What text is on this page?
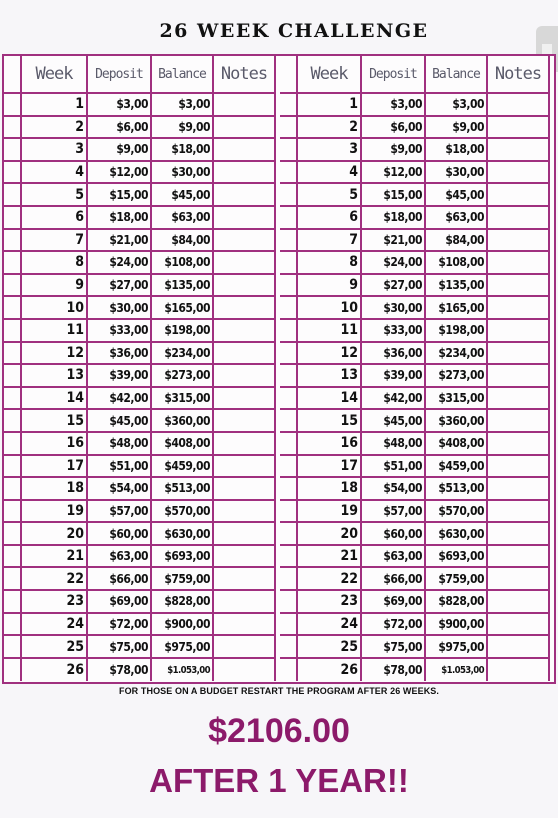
26 WEEK CHALLENGE
Week	Deposit	Balance Notes
1	$3,00	$3,00
2	$6,00	$9,00
3	$9,00	$18,00
4	$12,00	$30,00
5	$15,00	$45,00
6	$18,00	$63,00
7	$21,00	$84,00
8	$24,00	$108,00
9	$27,00	$135,00
10	$30,00	$165,00
11	$33,00	$198,00
12	$36,00	$234,00
13	$39,00	$273,00
14	$42,00	$315,00
15	$45,00	$360,00
16	$48,00	$408,00
17	$51,00	$459,00
18	$54,00	$513,00
19	$57,00	$570,00
20	$60,00	$630,00
21	$63,00	$693,00
22	$66,00	$759,00
23	$69,00	$828,00
24	$72,00	$900,00
25	$75,00	$975,00
26	$78,00	$1.053,00
Week	Deposit	Balance Notes
1	$3,00	$3,00
2	$6,00	$9,00
3	$9,00	$18,00
4	$12,00	$30,00
5	$15,00	$45,00
6	$18,00	$63,00
7	$21,00	$84,00
8	$24,00	$108,00
9	$27,00	$135,00
10	$30,00	$165,00
11	$33,00	$198,00
12	$36,00	$234,00
13	$39,00	$273,00
14	$42,00	$315,00
15	$45,00	$360,00
16	$48,00	$408,00
17	$51,00	$459,00
18	$54,00	$513,00
19	$57,00	$570,00
20	$60,00	$630,00
21	$63,00	$693,00
22	$66,00	$759,00
23	$69,00	$828,00
24	$72,00	$900,00
25	$75,00	$975,00
26	$78,00	$1.053,00
FOR THOSE ON A BUDGET RESTART THE PROGRAM AFTER 26 WEEKS.
$2106.00
AFTER 1 YEAR!!
